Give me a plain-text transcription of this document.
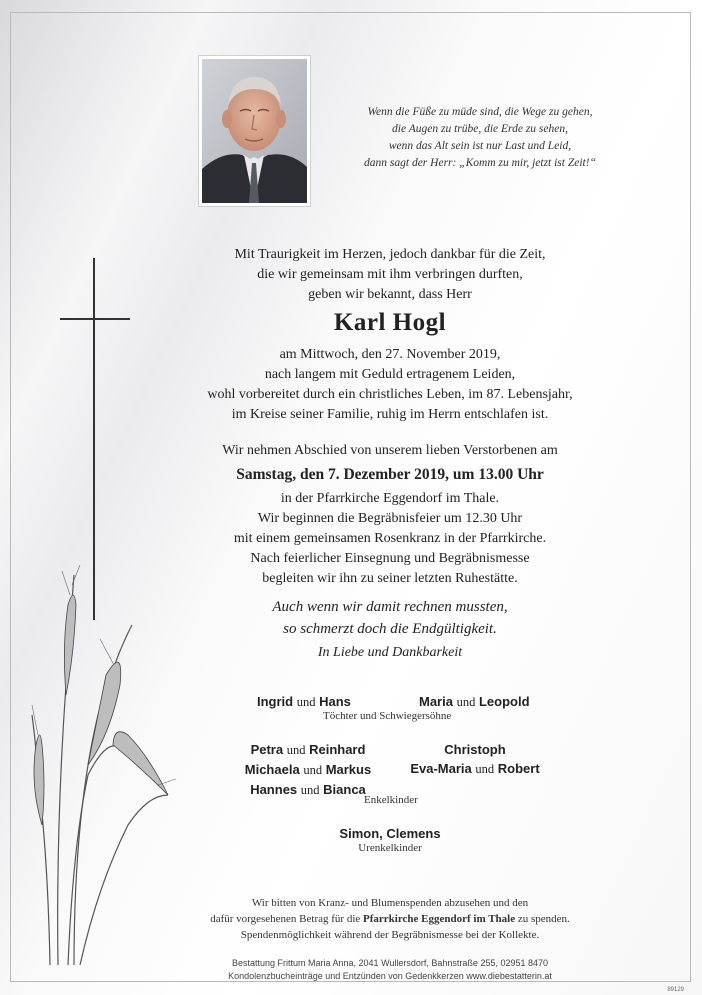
Wenn die Füße zu müde sind, die Wege zu gehen,
die Augen zu trübe, die Erde zu sehen,
wenn das Alt sein ist nur Last und Leid,
dann sagt der Herr: „Komm zu mir, jetzt ist Zeit!“
Mit Traurigkeit im Herzen, jedoch dankbar für die Zeit,
die wir gemeinsam mit ihm verbringen durften,
geben wir bekannt, dass Herr
Karl Hogl
am Mittwoch, den 27. November 2019,
nach langem mit Geduld ertragenem Leiden,
wohl vorbereitet durch ein christliches Leben, im 87. Lebensjahr,
im Kreise seiner Familie, ruhig im Herrn entschlafen ist.
Wir nehmen Abschied von unserem lieben Verstorbenen am
Samstag, den 7. Dezember 2019, um 13.00 Uhr
in der Pfarrkirche Eggendorf im Thale.
Wir beginnen die Begräbnisfeier um 12.30 Uhr
mit einem gemeinsamen Rosenkranz in der Pfarrkirche.
Nach feierlicher Einsegnung und Begräbnismesse
begleiten wir ihn zu seiner letzten Ruhestätte.
Auch wenn wir damit rechnen mussten,
so schmerzt doch die Endgültigkeit.
In Liebe und Dankbarkeit
Ingrid und Hans	Maria und Leopold
Töchter und Schwiegersöhne
Petra und Reinhard
Michaela und Markus
Hannes und Bianca
Christoph
Eva-Maria und Robert
Enkelkinder
Simon, Clemens
Urenkelkinder
Wir bitten von Kranz- und Blumenspenden abzusehen und den
dafür vorgesehenen Betrag für die Pfarrkirche Eggendorf im Thale zu spenden.
Spendenmöglichkeit während der Begräbnismesse bei der Kollekte.
Bestattung Frittum Maria Anna, 2041 Wullersdorf, Bahnstraße 255, 02951 8470
Kondolenzbucheinträge und Entzünden von Gedenkkerzen www.diebestatterin.at
89129
